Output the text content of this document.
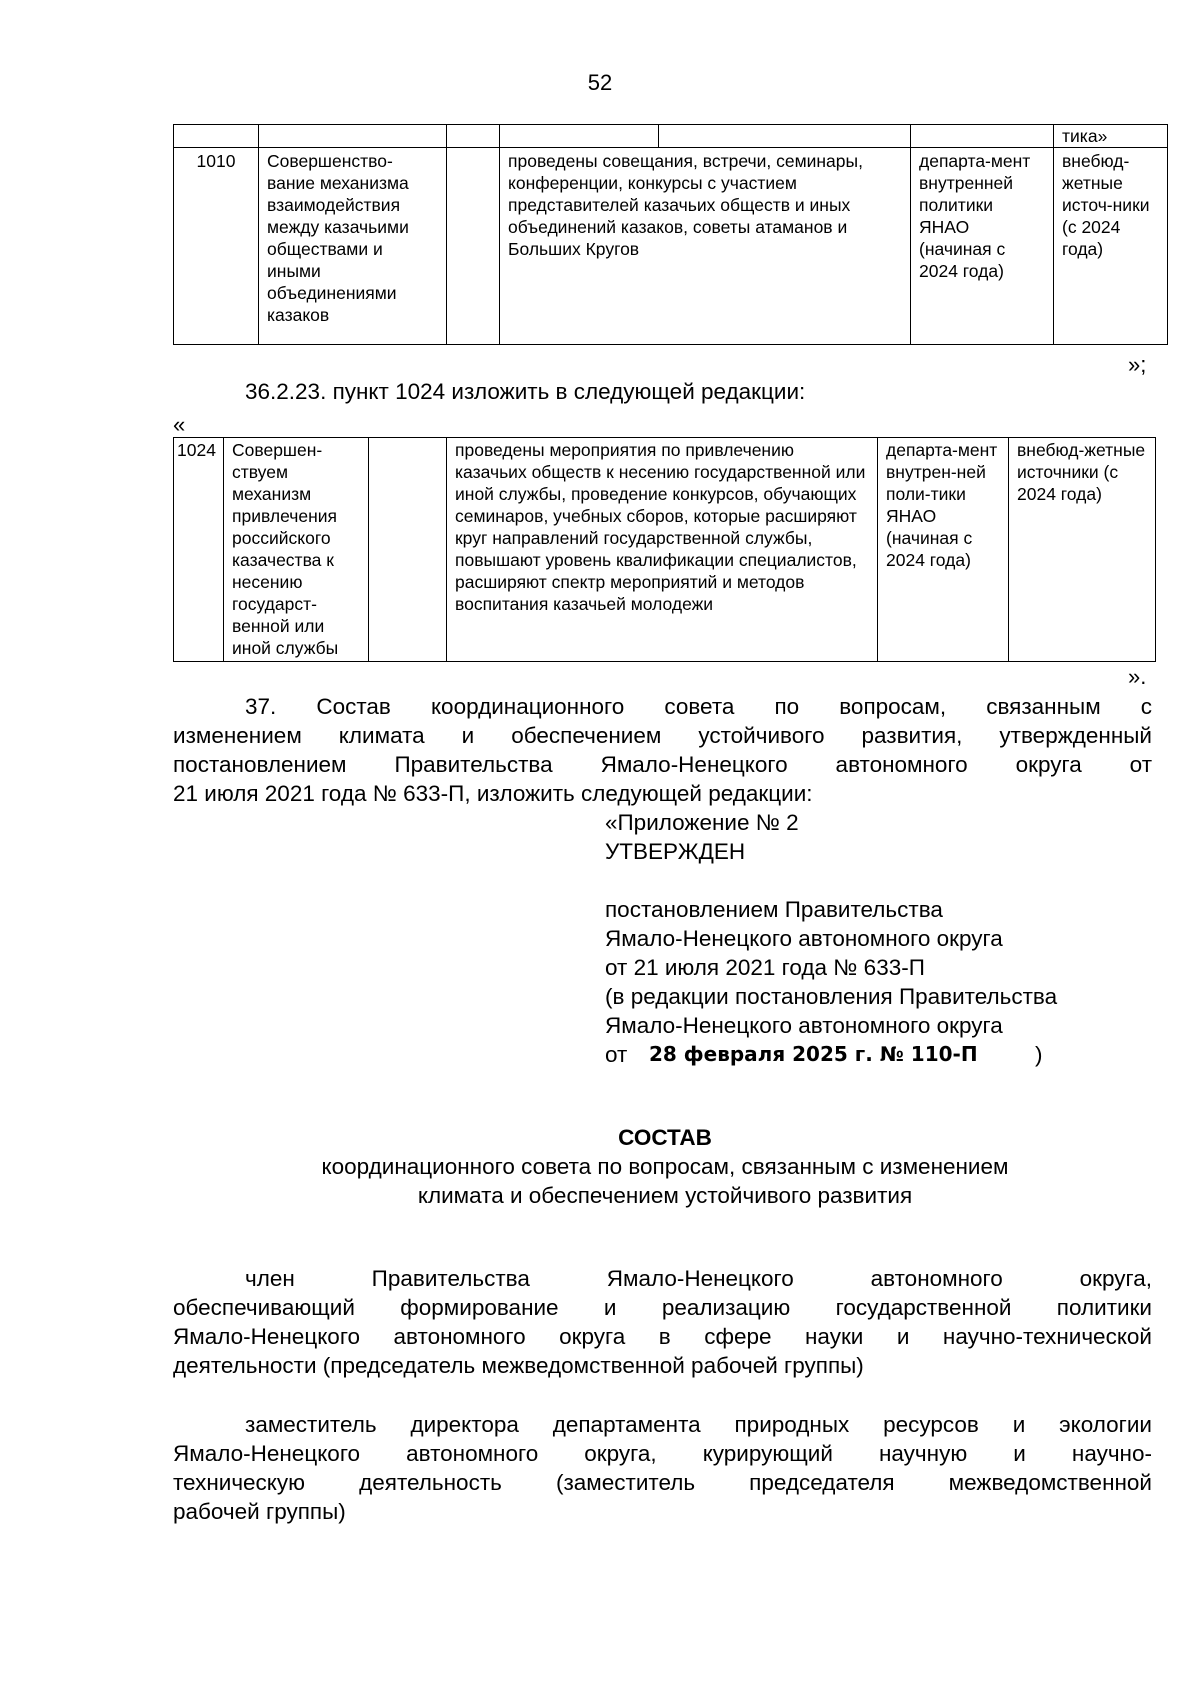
52
						тика»
1010	Совершенство-вание механизма взаимодействия между казачьими обществами и иными объединениями казаков		проведены совещания, встречи, семинары, конференции, конкурсы с участием представителей казачьих обществ и иных объединений казаков, советы атаманов и Больших Кругов		департа-мент внутренней политики ЯНАО (начиная с 2024 года)	внебюд-жетные источ-ники (с 2024 года)
»;
36.2.23. пункт 1024 изложить в следующей редакции:
«
1024	Совершен-ствуем механизм привлечения российского казачества к несению государст-венной или иной службы		проведены мероприятия по привлечению казачьих обществ к несению государственной или иной службы, проведение конкурсов, обучающих семинаров, учебных сборов, которые расширяют круг направлений государственной службы, повышают уровень квалификации специалистов, расширяют спектр мероприятий и методов воспитания казачьей молодежи	департа-мент внутрен-ней поли-тики ЯНАО (начиная с 2024 года)	внебюд-жетные источники (с 2024 года)
».
37. Состав координационного совета по вопросам, связанным с
изменением климата и обеспечением устойчивого развития, утвержденный
постановлением Правительства Ямало-Ненецкого автономного округа от
21 июля 2021 года № 633-П, изложить следующей редакции:
«Приложение № 2
УТВЕРЖДЕН
постановлением Правительства
Ямало-Ненецкого автономного округа
от 21 июля 2021 года № 633-П
(в редакции постановления Правительства
Ямало-Ненецкого автономного округа
от 28 февраля 2025 г. № 110-П	)
СОСТАВ
координационного совета по вопросам, связанным с изменением
климата и обеспечением устойчивого развития
член Правительства Ямало-Ненецкого автономного округа,
обеспечивающий формирование и реализацию государственной политики
Ямало-Ненецкого автономного округа в сфере науки и научно-технической
деятельности (председатель межведомственной рабочей группы)
заместитель директора департамента природных ресурсов и экологии
Ямало-Ненецкого автономного округа, курирующий научную и научно-
техническую деятельность (заместитель председателя межведомственной
рабочей группы)
